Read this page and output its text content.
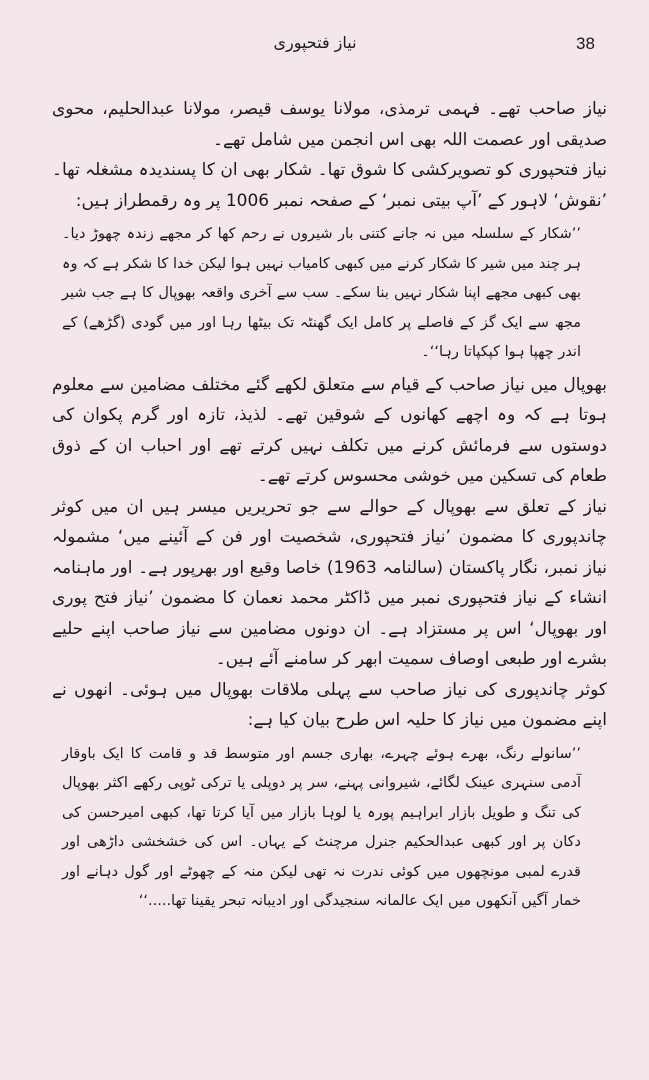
38
نیاز فتحپوری

نیاز صاحب تھے۔ فہمی ترمذی، مولانا یوسف قیصر، مولانا عبدالحلیم، محوی صدیقی اور عصمت اللہ بھی اس انجمن میں شامل تھے۔

نیاز فتحپوری کو تصویرکشی کا شوق تھا۔ شکار بھی ان کا پسندیدہ مشغلہ تھا۔ ’نقوش‘ لاہور کے ’آپ بیتی نمبر‘ کے صفحہ نمبر 1006 پر وہ رقمطراز ہیں:

’’شکار کے سلسلہ میں نہ جانے کتنی بار شیروں نے رحم کھا کر مجھے زندہ چھوڑ دیا۔ ہر چند میں شیر کا شکار کرنے میں کبھی کامیاب نہیں ہوا لیکن خدا کا شکر ہے کہ وہ بھی کبھی مجھے اپنا شکار نہیں بنا سکے۔ سب سے آخری واقعہ بھوپال کا ہے جب شیر مجھ سے ایک گز کے فاصلے پر کامل ایک گھنٹہ تک بیٹھا رہا اور میں گودی (گڑھے) کے اندر چھپا ہوا کپکپاتا رہا‘‘۔

بھوپال میں نیاز صاحب کے قیام سے متعلق لکھے گئے مختلف مضامین سے معلوم ہوتا ہے کہ وہ اچھے کھانوں کے شوقین تھے۔ لذیذ، تازہ اور گرم پکوان کی دوستوں سے فرمائش کرنے میں تکلف نہیں کرتے تھے اور احباب ان کے ذوق طعام کی تسکین میں خوشی محسوس کرتے تھے۔

نیاز کے تعلق سے بھوپال کے حوالے سے جو تحریریں میسر ہیں ان میں کوثر چاندپوری کا مضمون ’نیاز فتحپوری، شخصیت اور فن کے آئینے میں‘ مشمولہ نیاز نمبر، نگار پاکستان (سالنامہ 1963) خاصا وقیع اور بھرپور ہے۔ اور ماہنامہ انشاء کے نیاز فتحپوری نمبر میں ڈاکٹر محمد نعمان کا مضمون ’نیاز فتح پوری اور بھوپال‘ اس پر مستزاد ہے۔ ان دونوں مضامین سے نیاز صاحب اپنے حلیے بشرے اور طبعی اوصاف سمیت ابھر کر سامنے آئے ہیں۔

کوثر چاندپوری کی نیاز صاحب سے پہلی ملاقات بھوپال میں ہوئی۔ انھوں نے اپنے مضمون میں نیاز کا حلیہ اس طرح بیان کیا ہے:

’’سانولے رنگ، بھرے ہوئے چہرے، بھاری جسم اور متوسط قد و قامت کا ایک باوقار آدمی سنہری عینک لگائے، شیروانی پہنے، سر پر دوپلی یا ترکی ٹوپی رکھے اکثر بھوپال کی تنگ و طویل بازار ابراہیم پورہ یا لوہا بازار میں آیا کرتا تھا، کبھی امیرحسن کی دکان پر اور کبھی عبدالحکیم جنرل مرچنٹ کے یہاں۔ اس کی خشخشی داڑھی اور قدرے لمبی مونچھوں میں کوئی ندرت نہ تھی لیکن منہ کے چھوٹے اور گول دہانے اور خمار آگیں آنکھوں میں ایک عالمانہ سنجیدگی اور ادیبانہ تبحر یقینا تھا.....‘‘
